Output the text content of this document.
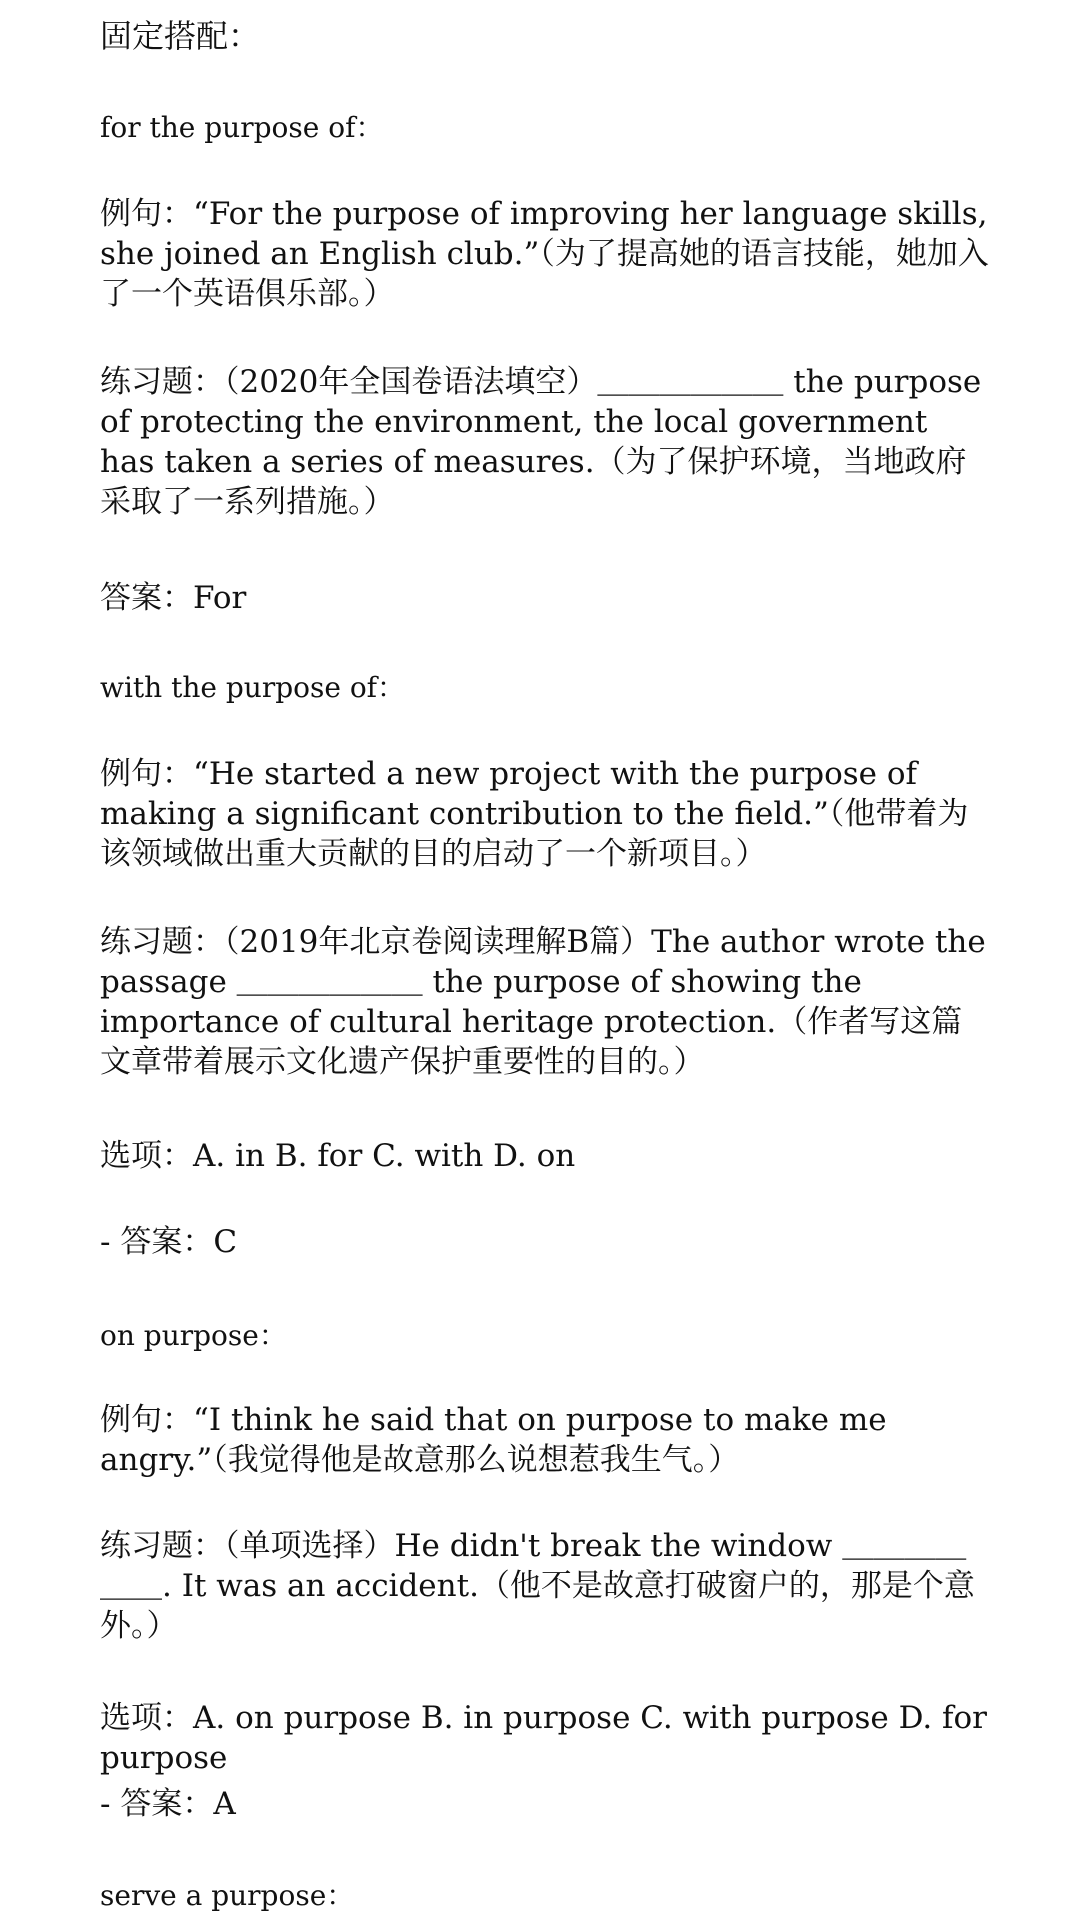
固定搭配：

for the purpose of：

例句：“For the purpose of improving her language skills, she joined an English club.”（为了提高她的语言技能，她加入了一个英语俱乐部。）

练习题：（2020年全国卷语法填空）＿＿＿＿＿＿ the purpose of protecting the environment, the local government has taken a series of measures.（为了保护环境，当地政府采取了一系列措施。）

答案：For

with the purpose of：

例句：“He started a new project with the purpose of making a significant contribution to the field.”（他带着为该领域做出重大贡献的目的启动了一个新项目。）

练习题：（2019年北京卷阅读理解B篇）The author wrote the passage ＿＿＿＿＿＿ the purpose of showing the importance of cultural heritage protection.（作者写这篇文章带着展示文化遗产保护重要性的目的。）

选项：A. in B. for C. with D. on

- 答案：C

on purpose：

例句：“I think he said that on purpose to make me angry.”（我觉得他是故意那么说想惹我生气。）

练习题：（单项选择）He didn't break the window ＿＿＿＿＿＿. It was an accident.（他不是故意打破窗户的，那是个意外。）

选项：A. on purpose B. in purpose C. with purpose D. for purpose

- 答案：A

serve a purpose：
